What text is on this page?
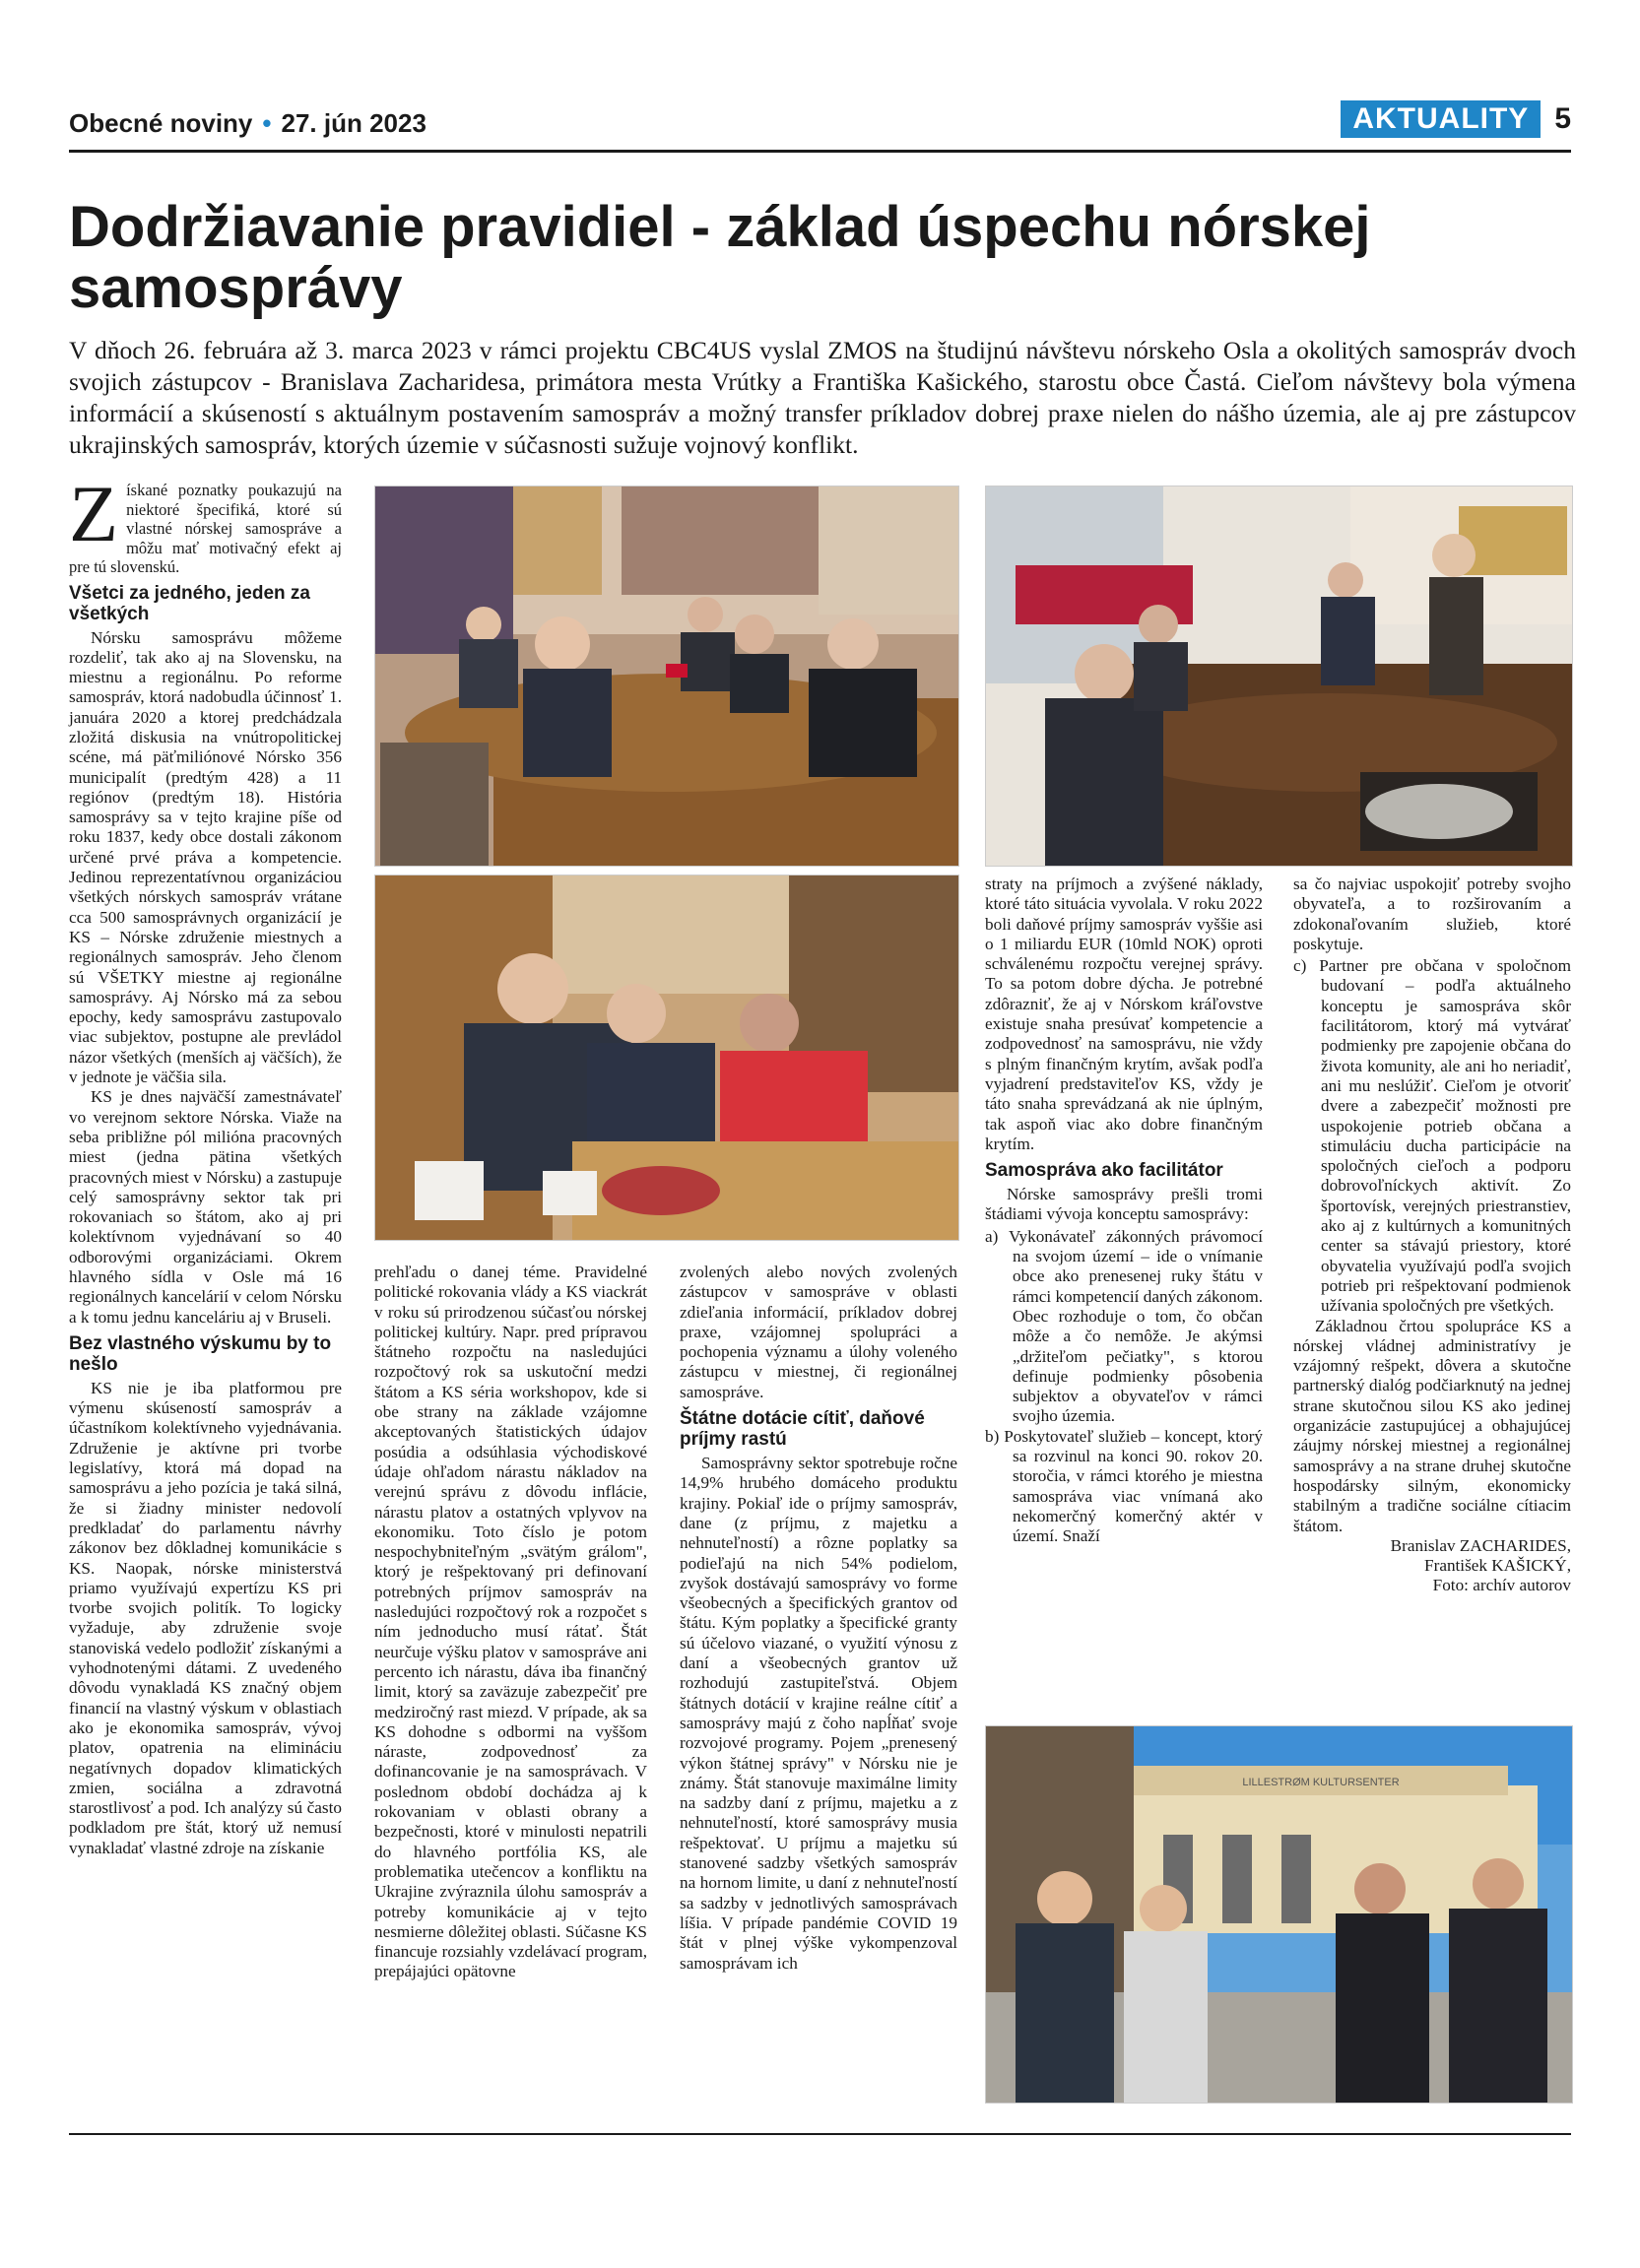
Obecné noviny • 27. jún 2023	AKTUALITY 5
Dodržiavanie pravidiel - základ úspechu nórskej samosprávy

V dňoch 26. februára až 3. marca 2023 v rámci projektu CBC4US vyslal ZMOS na študijnú návštevu nórskeho Osla a okolitých samospráv dvoch svojich zástupcov - Branislava Zacharidesa, primátora mesta Vrútky a Františka Kašického, starostu obce Častá. Cieľom návštevy bola výmena informácií a skúseností s aktuálnym postavením samospráv a možný transfer príkladov dobrej praxe nielen do nášho územia, ale aj pre zástupcov ukrajinských samospráv, ktorých územie v súčasnosti sužuje vojnový konflikt.

Z ískané poznatky poukazujú na niektoré špecifiká, ktoré sú vlastné nórskej samospráve a môžu mať motivačný efekt aj pre tú slovenskú.

Všetci za jedného, jeden za všetkých

Nórsku samosprávu môžeme rozdeliť, tak ako aj na Slovensku, na miestnu a regionálnu. Po reforme samospráv, ktorá nadobudla účinnosť 1. januára 2020 a ktorej predchádzala zložitá diskusia na vnútropolitickej scéne, má päťmiliónové Nórsko 356 municipalít (predtým 428) a 11 regiónov (predtým 18). História samosprávy sa v tejto krajine píše od roku 1837, kedy obce dostali zákonom určené prvé práva a kompetencie. Jedinou reprezentatívnou organizáciou všetkých nórskych samospráv vrátane cca 500 samosprávnych organizácií je KS – Nórske združenie miestnych a regionálnych samospráv. Jeho členom sú VŠETKY miestne aj regionálne samosprávy. Aj Nórsko má za sebou epochy, kedy samosprávu zastupovalo viac subjektov, postupne ale prevládol názor všetkých (menších aj väčších), že v jednote je väčšia sila.

KS je dnes najväčší zamestnávateľ vo verejnom sektore Nórska. Viaže na seba približne pól milióna pracovných miest (jedna pätina všetkých pracovných miest v Nórsku) a zastupuje celý samosprávny sektor tak pri rokovaniach so štátom, ako aj pri kolektívnom vyjednávaní so 40 odborovými organizáciami. Okrem hlavného sídla v Osle má 16 regionálnych kancelárií v celom Nórsku a k tomu jednu kanceláriu aj v Bruseli.

Bez vlastného výskumu by to nešlo

KS nie je iba platformou pre výmenu skúseností samospráv a účastníkom kolektívneho vyjednávania. Združenie je aktívne pri tvorbe legislatívy, ktorá má dopad na samosprávu a jeho pozícia je taká silná, že si žiadny minister nedovolí predkladať do parlamentu návrhy zákonov bez dôkladnej komunikácie s KS. Naopak, nórske ministerstvá priamo využívajú expertízu KS pri tvorbe svojich politík. To logicky vyžaduje, aby združenie svoje stanoviská vedelo podložiť získanými a vyhodnotenými dátami. Z uvedeného dôvodu vynakladá KS značný objem financií na vlastný výskum v oblastiach ako je ekonomika samospráv, vývoj platov, opatrenia na elimináciu negatívnych dopadov klimatických zmien, sociálna a zdravotná starostlivosť a pod. Ich analýzy sú často podkladom pre štát, ktorý už nemusí vynakladať vlastné zdroje na získanie

prehľadu o danej téme. Pravidelné politické rokovania vlády a KS viackrát v roku sú prirodzenou súčasťou nórskej politickej kultúry. Napr. pred prípravou štátneho rozpočtu na nasledujúci rozpočtový rok sa uskutoční medzi štátom a KS séria workshopov, kde si obe strany na základe vzájomne akceptovaných štatistických údajov posúdia a odsúhlasia východiskové údaje ohľadom nárastu nákladov na verejnú správu z dôvodu inflácie, nárastu platov a ostatných vplyvov na ekonomiku. Toto číslo je potom nespochybniteľným „svätým grálom", ktorý je rešpektovaný pri definovaní potrebných príjmov samospráv na nasledujúci rozpočtový rok a rozpočet s ním jednoducho musí rátať. Štát neurčuje výšku platov v samospráve ani percento ich nárastu, dáva iba finančný limit, ktorý sa zaväzuje zabezpečiť pre medziročný rast miezd. V prípade, ak sa KS dohodne s odbormi na vyššom náraste, zodpovednosť za dofinancovanie je na samosprávach. V poslednom období dochádza aj k rokovaniam v oblasti obrany a bezpečnosti, ktoré v minulosti nepatrili do hlavného portfólia KS, ale problematika utečencov a konfliktu na Ukrajine zvýraznila úlohu samospráv a potreby komunikácie aj v tejto nesmierne dôležitej oblasti. Súčasne KS financuje rozsiahly vzdelávací program, prepájajúci opätovne

zvolených alebo nových zvolených zástupcov v samospráve v oblasti zdieľania informácií, príkladov dobrej praxe, vzájomnej spolupráci a pochopenia významu a úlohy voleného zástupcu v miestnej, či regionálnej samospráve.

Štátne dotácie cítiť, daňové príjmy rastú

Samosprávny sektor spotrebuje ročne 14,9% hrubého domáceho produktu krajiny. Pokiaľ ide o príjmy samospráv, dane (z príjmu, z majetku a nehnuteľností) a rôzne poplatky sa podieľajú na nich 54% podielom, zvyšok dostávajú samosprávy vo forme všeobecných a špecifických grantov od štátu. Kým poplatky a špecifické granty sú účelovo viazané, o využití výnosu z daní a všeobecných grantov už rozhodujú zastupiteľstvá. Objem štátnych dotácií v krajine reálne cítiť a samosprávy majú z čoho napĺňať svoje rozvojové programy. Pojem „prenesený výkon štátnej správy" v Nórsku nie je známy. Štát stanovuje maximálne limity na sadzby daní z príjmu, majetku a z nehnuteľností, ktoré samosprávy musia rešpektovať. U príjmu a majetku sú stanovené sadzby všetkých samospráv na hornom limite, u daní z nehnuteľností sa sadzby v jednotlivých samosprávach líšia. V prípade pandémie COVID 19 štát v plnej výške vykompenzoval samosprávam ich

straty na príjmoch a zvýšené náklady, ktoré táto situácia vyvolala. V roku 2022 boli daňové príjmy samospráv vyššie asi o 1 miliardu EUR (10mld NOK) oproti schválenému rozpočtu verejnej správy. To sa potom dobre dýcha. Je potrebné zdôrazniť, že aj v Nórskom kráľovstve existuje snaha presúvať kompetencie a zodpovednosť na samosprávu, nie vždy s plným finančným krytím, avšak podľa vyjadrení predstaviteľov KS, vždy je táto snaha sprevádzaná ak nie úplným, tak aspoň viac ako dobre finančným krytím.

Samospráva ako facilitátor

Nórske samosprávy prešli tromi štádiami vývoja konceptu samosprávy:

a) Vykonávateľ zákonných právomocí na svojom území – ide o vnímanie obce ako prenesenej ruky štátu v rámci kompetencií daných zákonom. Obec rozhoduje o tom, čo občan môže a čo nemôže. Je akýmsi „držiteľom pečiatky", s ktorou definuje podmienky pôsobenia subjektov a obyvateľov v rámci svojho územia.
b) Poskytovateľ služieb – koncept, ktorý sa rozvinul na konci 90. rokov 20. storočia, v rámci ktorého je miestna samospráva viac vnímaná ako nekomerčný komerčný aktér v území. Snaží

sa čo najviac uspokojiť potreby svojho obyvateľa, a to rozširovaním a zdokonaľovaním služieb, ktoré poskytuje.

c) Partner pre občana v spoločnom budovaní – podľa aktuálneho konceptu je samospráva skôr facilitátorom, ktorý má vytvárať podmienky pre zapojenie občana do života komunity, ale ani ho neriadiť, ani mu neslúžiť. Cieľom je otvoriť dvere a zabezpečiť možnosti pre uspokojenie potrieb občana a stimuláciu ducha participácie na spoločných cieľoch a podporu dobrovoľníckych aktivít. Zo športovísk, verejných priestranstiev, ako aj z kultúrnych a komunitných center sa stávajú priestory, ktoré obyvatelia využívajú podľa svojich potrieb pri rešpektovaní podmienok užívania spoločných pre všetkých.

Základnou črtou spolupráce KS a nórskej vládnej administratívy je vzájomný rešpekt, dôvera a skutočne partnerský dialóg podčiarknutý na jednej strane skutočnou silou KS ako jedinej organizácie zastupujúcej a obhajujúcej záujmy nórskej miestnej a regionálnej samosprávy a na strane druhej skutočne hospodársky silným, ekonomicky stabilným a tradične sociálne cítiacim štátom.

Branislav ZACHARIDES,
František KAŠICKÝ,
Foto: archív autorov
LILLESTRØM KULTURSENTER
